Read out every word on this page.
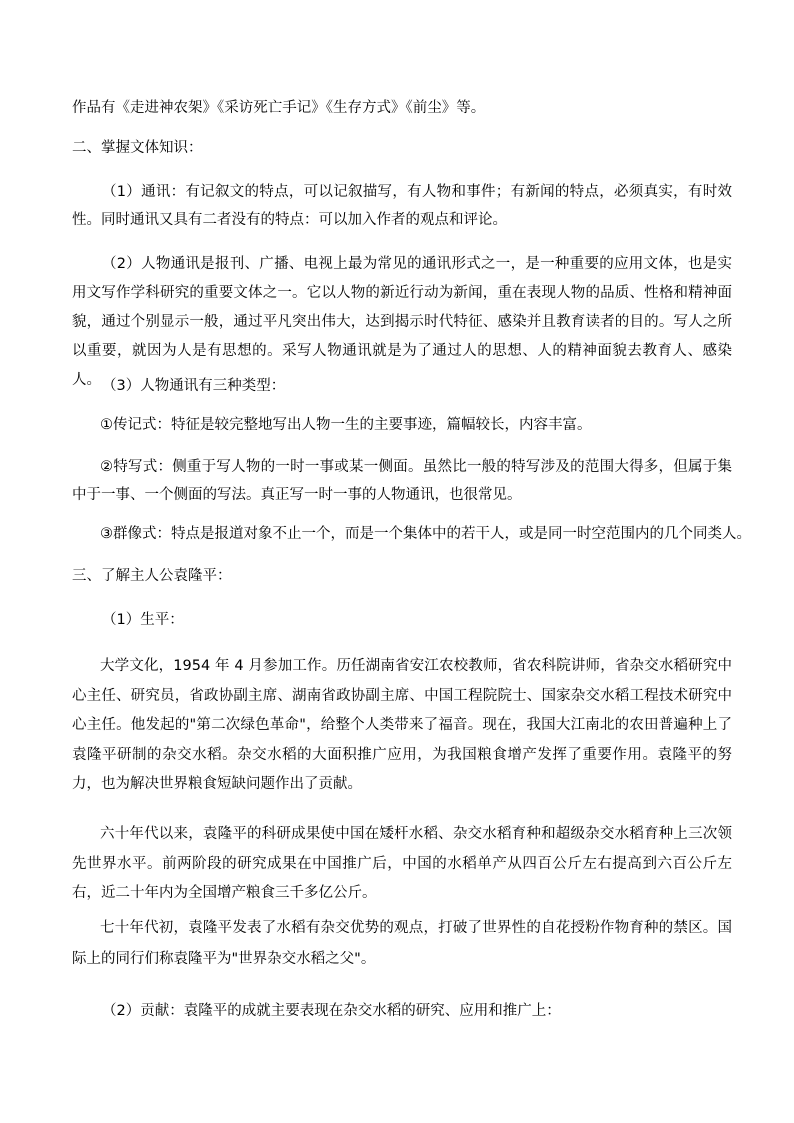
作品有《走进神农架》《采访死亡手记》《生存方式》《前尘》等。
二、掌握文体知识：
（1）通讯：有记叙文的特点，可以记叙描写，有人物和事件；有新闻的特点，必须真实，有时效性。同时通讯又具有二者没有的特点：可以加入作者的观点和评论。
（2）人物通讯是报刊、广播、电视上最为常见的通讯形式之一，是一种重要的应用文体，也是实用文写作学科研究的重要文体之一。它以人物的新近行动为新闻，重在表现人物的品质、性格和精神面貌，通过个别显示一般，通过平凡突出伟大，达到揭示时代特征、感染并且教育读者的目的。写人之所以重要，就因为人是有思想的。采写人物通讯就是为了通过人的思想、人的精神面貌去教育人、感染人。 （3）人物通讯有三种类型：
①传记式：特征是较完整地写出人物一生的主要事迹，篇幅较长，内容丰富。
②特写式：侧重于写人物的一时一事或某一侧面。虽然比一般的特写涉及的范围大得多，但属于集中于一事、一个侧面的写法。真正写一时一事的人物通讯，也很常见。
③群像式：特点是报道对象不止一个，而是一个集体中的若干人，或是同一时空范围内的几个同类人。
三、了解主人公袁隆平：
（1）生平：
大学文化，1954 年 4 月参加工作。历任湖南省安江农校教师，省农科院讲师，省杂交水稻研究中心主任、研究员，省政协副主席、湖南省政协副主席、中国工程院院士、国家杂交水稻工程技术研究中心主任。他发起的"第二次绿色革命"，给整个人类带来了福音。现在，我国大江南北的农田普遍种上了袁隆平研制的杂交水稻。杂交水稻的大面积推广应用，为我国粮食增产发挥了重要作用。袁隆平的努力，也为解决世界粮食短缺问题作出了贡献。
六十年代以来，袁隆平的科研成果使中国在矮杆水稻、杂交水稻育种和超级杂交水稻育种上三次领先世界水平。前两阶段的研究成果在中国推广后，中国的水稻单产从四百公斤左右提高到六百公斤左右，近二十年内为全国增产粮食三千多亿公斤。
七十年代初，袁隆平发表了水稻有杂交优势的观点，打破了世界性的自花授粉作物育种的禁区。国际上的同行们称袁隆平为"世界杂交水稻之父"。
（2）贡献：袁隆平的成就主要表现在杂交水稻的研究、应用和推广上：
